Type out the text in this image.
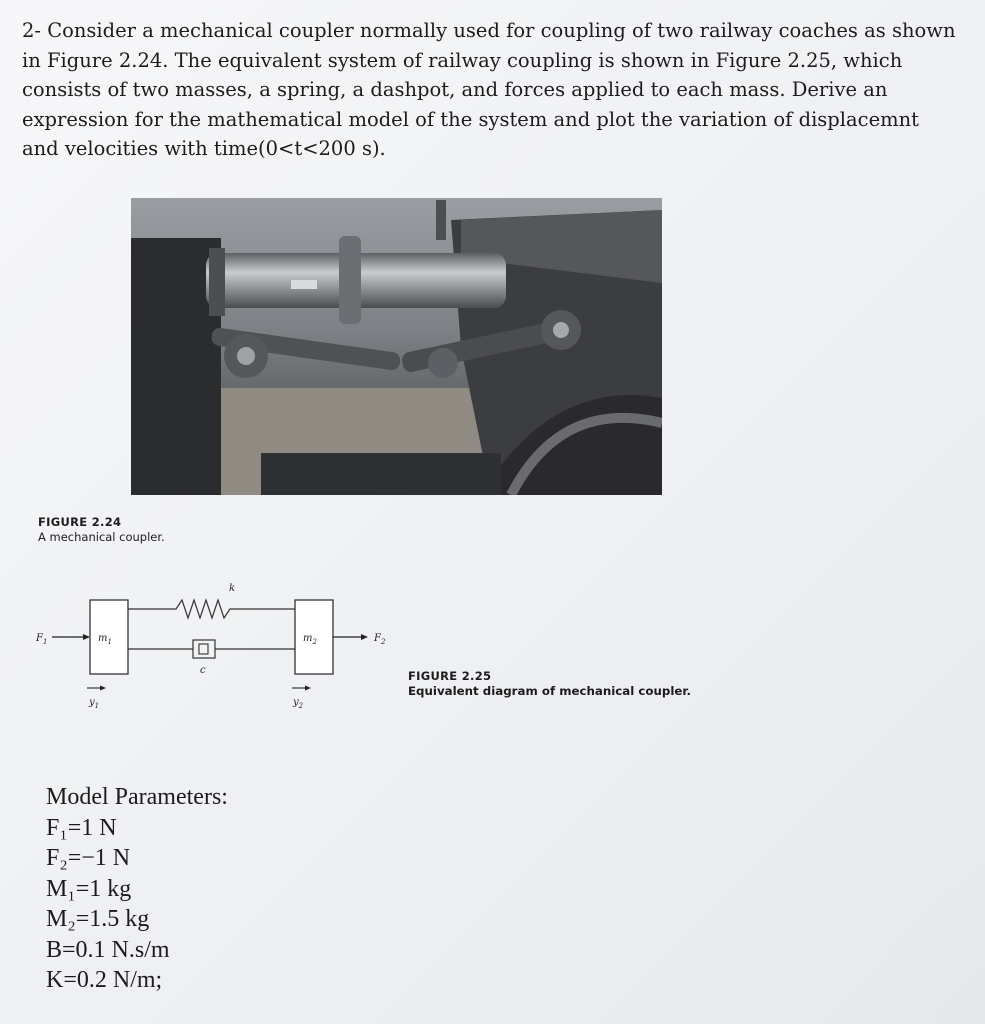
2- Consider a mechanical coupler normally used for coupling of two railway coaches as shown in Figure 2.24. The equivalent system of railway coupling is shown in Figure 2.25, which consists of two masses, a spring, a dashpot, and forces applied to each mass. Derive an expression for the mathematical model of the system and plot the variation of displacemnt and velocities with time(0<t<200 s).

FIGURE 2.24
A mechanical coupler.
$F_1$	$m_1$
k
c
$m_2$	$F_2$
$y_1$	$y_2$
FIGURE 2.25
Equivalent diagram of mechanical coupler.
Model Parameters:
F₁=1 N
F₂=−1 N
M₁=1 kg
M₂=1.5 kg
B=0.1 N.s/m
K=0.2 N/m;
